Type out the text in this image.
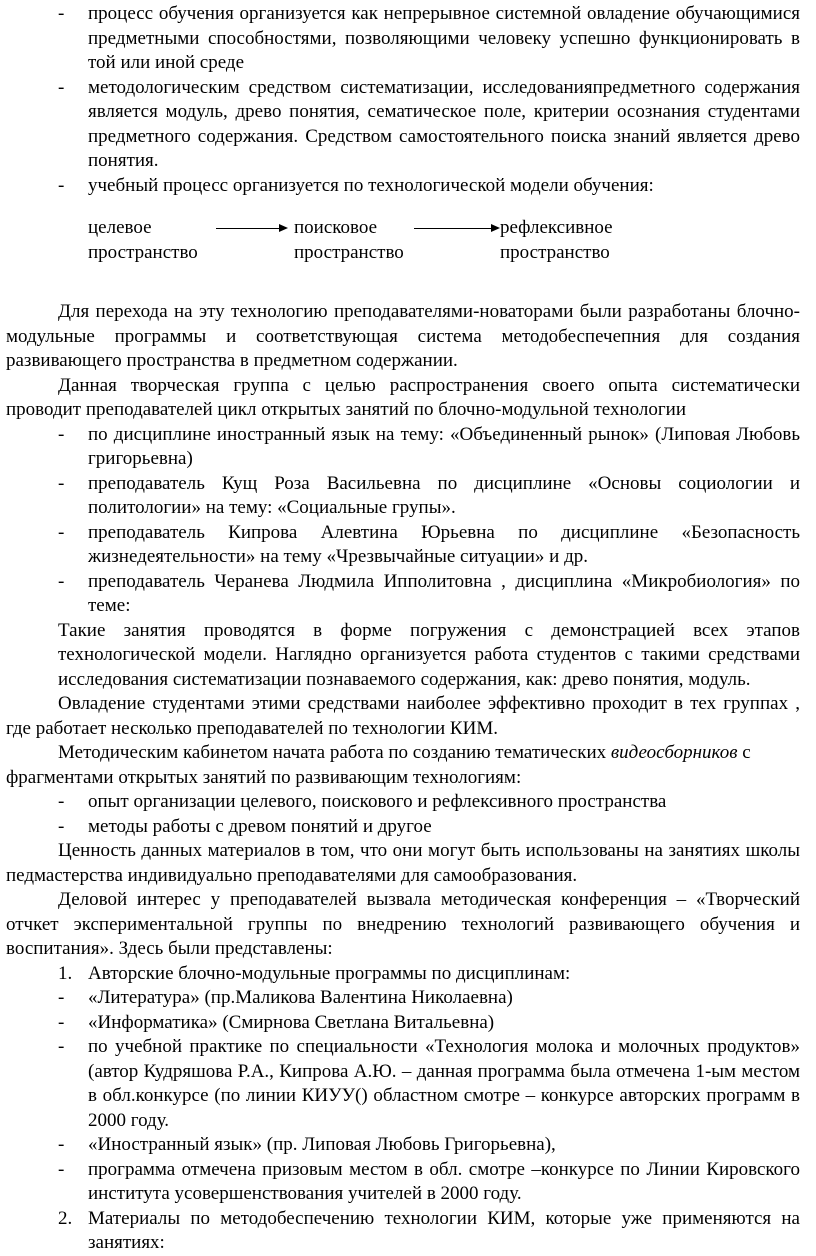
- процесс обучения организуется как непрерывное системной овладение обучающимися предметными способностями, позволяющими человеку успешно функционировать в той или иной среде
- методологическим средством систематизации, исследованияпредметного содержания является модуль, древо понятия, сематическое поле, критерии осознания студентами предметного содержания. Средством самостоятельного поиска знаний является древо понятия.
- учебный процесс организуется по технологической модели обучения:
целевое
пространство
поисковое
пространство
рефлексивное
пространство

Для перехода на эту технологию преподавателями-новаторами были разработаны блочно-модульные программы и соответствующая система методобеспечепния для создания развивающего пространства в предметном содержании.

Данная творческая группа с целью распространения своего опыта систематически проводит преподавателей цикл открытых занятий по блочно-модульной технологии

- по дисциплине иностранный язык на тему: «Объединенный рынок» (Липовая Любовь григорьевна)
- преподаватель Кущ Роза Васильевна по дисциплине «Основы социологии и политологии» на тему: «Социальные групы».
- преподаватель Кипрова Алевтина Юрьевна по дисциплине «Безопасность жизнедеятельности» на тему «Чрезвычайные ситуации» и др.
- преподаватель Черанева Людмила Ипполитовна , дисциплина «Микробиология» по теме:

Такие занятия проводятся в форме погружения с демонстрацией всех этапов технологической модели. Наглядно организуется работа студентов с такими средствами исследования систематизации познаваемого содержания, как: древо понятия, модуль.

Овладение студентами этими средствами наиболее эффективно проходит в тех группах , где работает несколько преподавателей по технологии КИМ.

Методическим кабинетом начата работа по созданию тематических видеосборников с фрагментами открытых занятий по развивающим технологиям:

- опыт организации целевого, поискового и рефлексивного пространства
- методы работы с древом понятий и другое

Ценность данных материалов в том, что они могут быть использованы на занятиях школы педмастерства индивидуально преподавателями для самообразования.

Деловой интерес у преподавателей вызвала методическая конференция – «Творческий отчкет экспериментальной группы по внедрению технологий развивающего обучения и воспитания». Здесь были представлены:

1. Авторские блочно-модульные программы по дисциплинам:
- «Литература» (пр.Маликова Валентина Николаевна)
- «Информатика» (Смирнова Светлана Витальевна)
- по учебной практике по специальности «Технология молока и молочных продуктов» (автор Кудряшова Р.А., Кипрова А.Ю. – данная программа была отмечена 1-ым местом в обл.конкурсе (по линии КИУУ() областном смотре – конкурсе авторских программ в 2000 году.
- «Иностранный язык» (пр. Липовая Любовь Григорьевна),
- программа отмечена призовым местом в обл. смотре –конкурсе по Линии Кировского института усовершенствования учителей в 2000 году.
2. Материалы по методобеспечению технологии КИМ, которые уже применяются на занятиях:
